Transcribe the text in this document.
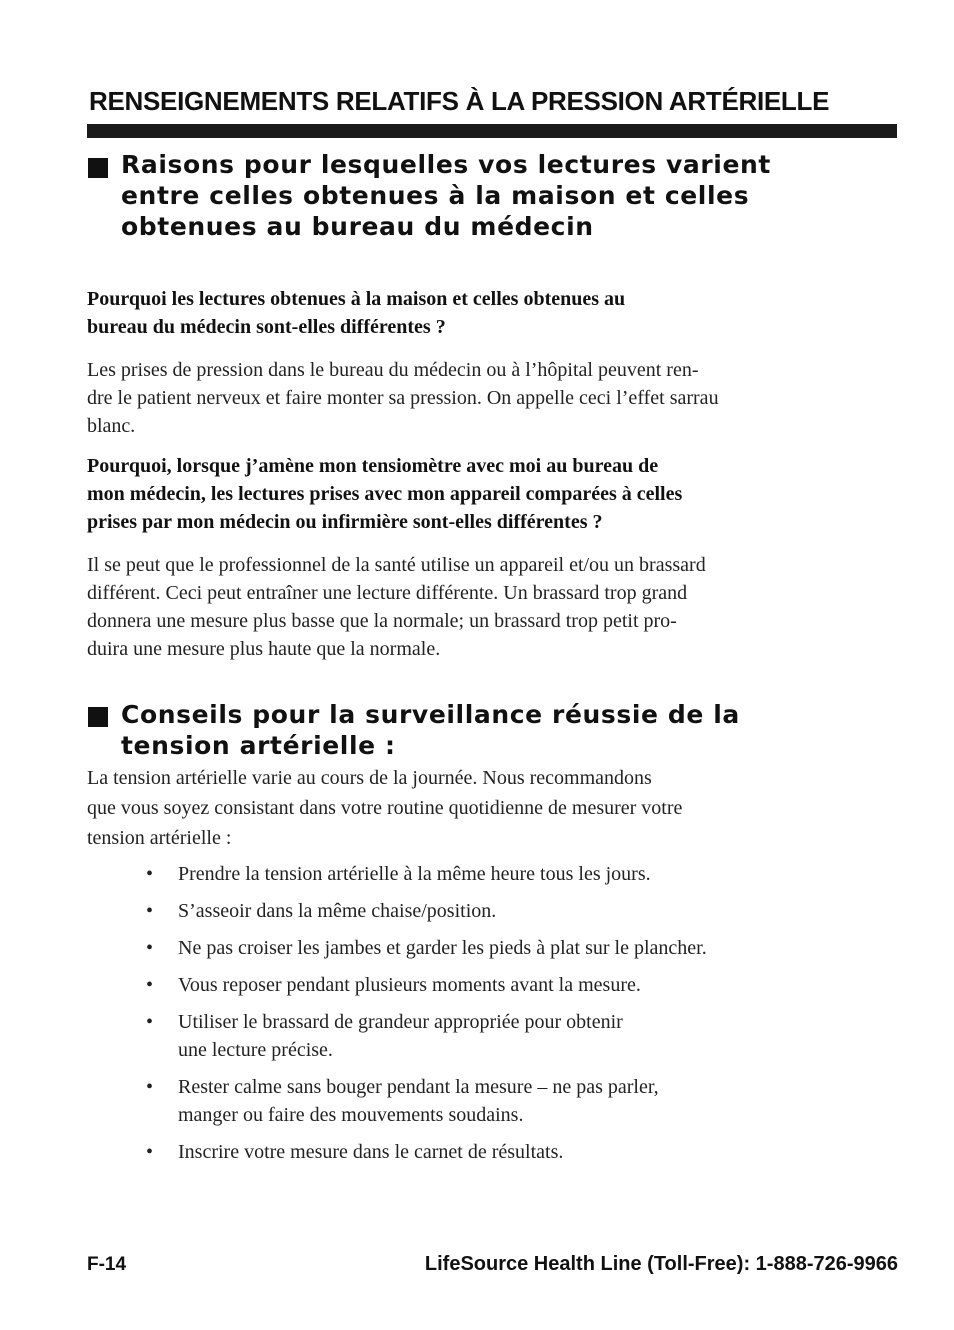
RENSEIGNEMENTS RELATIFS À LA PRESSION ARTÉRIELLE
Raisons pour lesquelles vos lectures varient
entre celles obtenues à la maison et celles
obtenues au bureau du médecin
Pourquoi les lectures obtenues à la maison et celles obtenues au
bureau du médecin sont-elles différentes ?
Les prises de pression dans le bureau du médecin ou à l’hôpital peuvent ren-
dre le patient nerveux et faire monter sa pression. On appelle ceci l’effet sarrau
blanc.
Pourquoi, lorsque j’amène mon tensiomètre avec moi au bureau de
mon médecin, les lectures prises avec mon appareil comparées à celles
prises par mon médecin ou infirmière sont-elles différentes ?
Il se peut que le professionnel de la santé utilise un appareil et/ou un brassard
différent. Ceci peut entraîner une lecture différente. Un brassard trop grand
donnera une mesure plus basse que la normale; un brassard trop petit pro-
duira une mesure plus haute que la normale.
Conseils pour la surveillance réussie de la
tension artérielle :
La tension artérielle varie au cours de la journée. Nous recommandons
que vous soyez consistant dans votre routine quotidienne de mesurer votre
tension artérielle :
• Prendre la tension artérielle à la même heure tous les jours.
• S’asseoir dans la même chaise/position.
• Ne pas croiser les jambes et garder les pieds à plat sur le plancher.
• Vous reposer pendant plusieurs moments avant la mesure.
• Utiliser le brassard de grandeur appropriée pour obtenir
une lecture précise.
• Rester calme sans bouger pendant la mesure – ne pas parler,
manger ou faire des mouvements soudains.
• Inscrire votre mesure dans le carnet de résultats.
F-14	LifeSource Health Line (Toll-Free): 1-888-726-9966
